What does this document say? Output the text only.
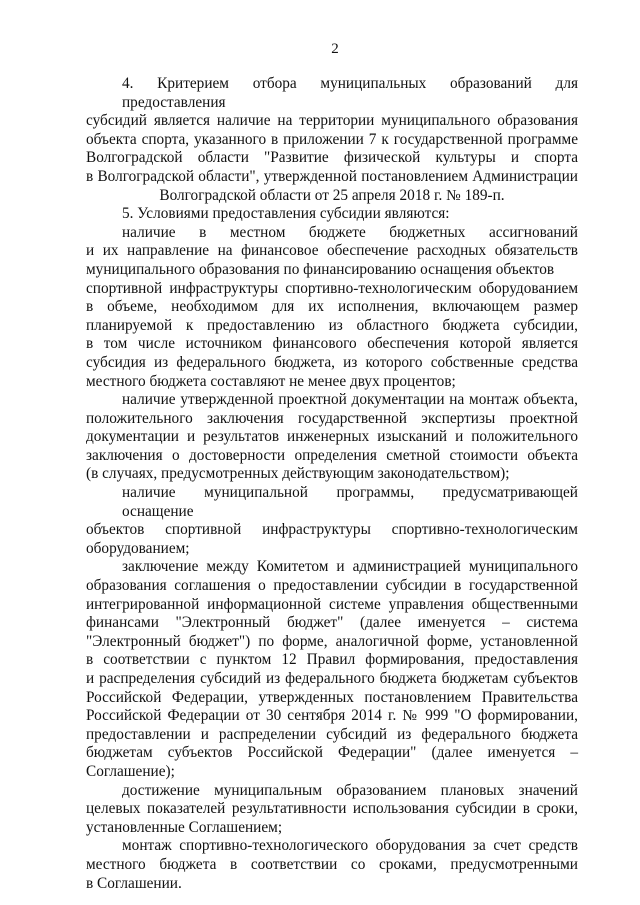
2
4. Критерием отбора муниципальных образований для предоставления
субсидий является наличие на территории муниципального образования
объекта спорта, указанного в приложении 7 к государственной программе
Волгоградской области "Развитие физической культуры и спорта
в Волгоградской области", утвержденной постановлением Администрации
Волгоградской области от 25 апреля 2018 г. № 189-п.
5. Условиями предоставления субсидии являются:
наличие в местном бюджете бюджетных ассигнований
и их направление на финансовое обеспечение расходных обязательств
муниципального образования по финансированию оснащения объектов
спортивной инфраструктуры спортивно-технологическим оборудованием
в объеме, необходимом для их исполнения, включающем размер
планируемой к предоставлению из областного бюджета субсидии,
в том числе источником финансового обеспечения которой является
субсидия из федерального бюджета, из которого собственные средства
местного бюджета составляют не менее двух процентов;
наличие утвержденной проектной документации на монтаж объекта,
положительного заключения государственной экспертизы проектной
документации и результатов инженерных изысканий и положительного
заключения о достоверности определения сметной стоимости объекта
(в случаях, предусмотренных действующим законодательством);
наличие муниципальной программы, предусматривающей оснащение
объектов спортивной инфраструктуры спортивно-технологическим
оборудованием;
заключение между Комитетом и администрацией муниципального
образования соглашения о предоставлении субсидии в государственной
интегрированной информационной системе управления общественными
финансами "Электронный бюджет" (далее именуется – система
"Электронный бюджет") по форме, аналогичной форме, установленной
в соответствии с пунктом 12 Правил формирования, предоставления
и распределения субсидий из федерального бюджета бюджетам субъектов
Российской Федерации, утвержденных постановлением Правительства
Российской Федерации от 30 сентября 2014 г. № 999 "О формировании,
предоставлении и распределении субсидий из федерального бюджета
бюджетам субъектов Российской Федерации" (далее именуется –
Соглашение);
достижение муниципальным образованием плановых значений
целевых показателей результативности использования субсидии в сроки,
установленные Соглашением;
монтаж спортивно-технологического оборудования за счет средств
местного бюджета в соответствии со сроками, предусмотренными
в Соглашении.
